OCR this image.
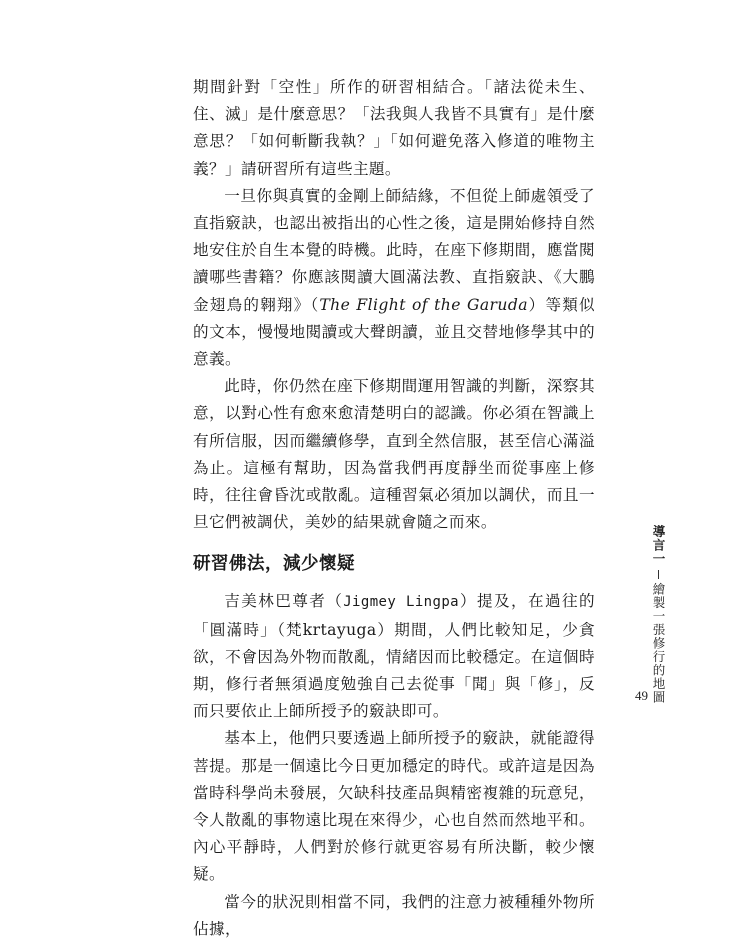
期間針對「空性」所作的研習相結合。「諸法從未生、住、滅」是什麼意思？「法我與人我皆不具實有」是什麼意思？「如何斬斷我執？」「如何避免落入修道的唯物主義？」請研習所有這些主題。

一旦你與真實的金剛上師結緣，不但從上師處領受了直指竅訣，也認出被指出的心性之後，這是開始修持自然地安住於自生本覺的時機。此時，在座下修期間，應當閱讀哪些書籍？你應該閱讀大圓滿法教、直指竅訣、《大鵬金翅鳥的翱翔》（The Flight of the Garuda）等類似的文本，慢慢地閱讀或大聲朗讀，並且交替地修學其中的意義。

此時，你仍然在座下修期間運用智識的判斷，深察其意，以對心性有愈來愈清楚明白的認識。你必須在智識上有所信服，因而繼續修學，直到全然信服，甚至信心滿溢為止。這極有幫助，因為當我們再度靜坐而從事座上修時，往往會昏沈或散亂。這種習氣必須加以調伏，而且一旦它們被調伏，美妙的結果就會隨之而來。

研習佛法，減少懷疑

吉美林巴尊者（Jigmey Lingpa）提及，在過往的「圓滿時」（梵krtayuga）期間，人們比較知足，少貪欲，不會因為外物而散亂，情緒因而比較穩定。在這個時期，修行者無須過度勉強自己去從事「聞」與「修」，反而只要依止上師所授予的竅訣即可。

基本上，他們只要透過上師所授予的竅訣，就能證得菩提。那是一個遠比今日更加穩定的時代。或許這是因為當時科學尚未發展，欠缺科技產品與精密複雜的玩意兒，令人散亂的事物遠比現在來得少，心也自然而然地平和。內心平靜時，人們對於修行就更容易有所決斷，較少懷疑。

當今的狀況則相當不同，我們的注意力被種種外物所佔據，

導言一繪製一張修行的地圖
49
